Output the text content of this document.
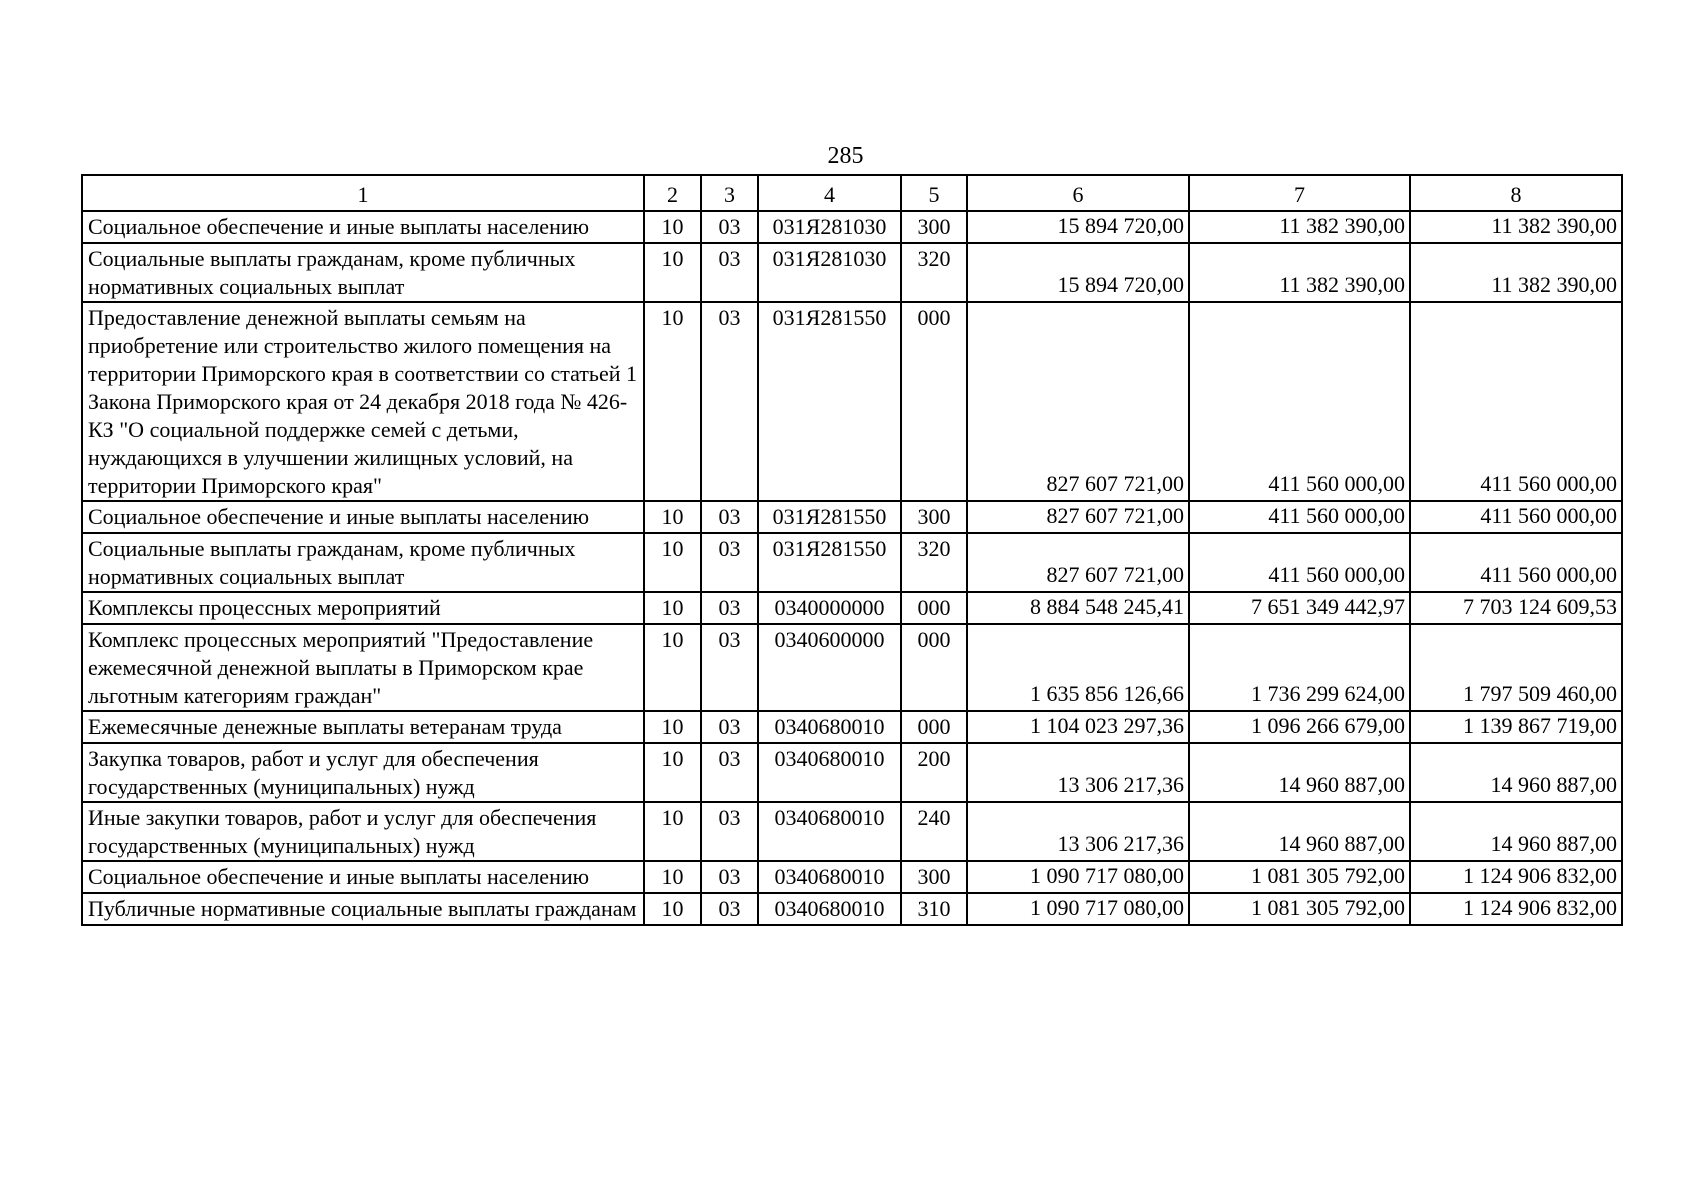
285
1	2	3	4	5	6	7	8
Социальное обеспечение и иные выплаты населению	10	03	031Я281030	300	15 894 720,00	11 382 390,00	11 382 390,00
Социальные выплаты гражданам, кроме публичных нормативных социальных выплат	10	03	031Я281030	320	15 894 720,00	11 382 390,00	11 382 390,00
Предоставление денежной выплаты семьям на приобретение или строительство жилого помещения на территории Приморского края в соответствии со статьей 1 Закона Приморского края от 24 декабря 2018 года № 426-КЗ "О социальной поддержке семей с детьми, нуждающихся в улучшении жилищных условий, на территории Приморского края"	10	03	031Я281550	000	827 607 721,00	411 560 000,00	411 560 000,00
Социальное обеспечение и иные выплаты населению	10	03	031Я281550	300	827 607 721,00	411 560 000,00	411 560 000,00
Социальные выплаты гражданам, кроме публичных нормативных социальных выплат	10	03	031Я281550	320	827 607 721,00	411 560 000,00	411 560 000,00
Комплексы процессных мероприятий	10	03	0340000000	000	8 884 548 245,41	7 651 349 442,97	7 703 124 609,53
Комплекс процессных мероприятий "Предоставление ежемесячной денежной выплаты в Приморском крае льготным категориям граждан"	10	03	0340600000	000	1 635 856 126,66	1 736 299 624,00	1 797 509 460,00
Ежемесячные денежные выплаты ветеранам труда	10	03	0340680010	000	1 104 023 297,36	1 096 266 679,00	1 139 867 719,00
Закупка товаров, работ и услуг для обеспечения государственных (муниципальных) нужд	10	03	0340680010	200	13 306 217,36	14 960 887,00	14 960 887,00
Иные закупки товаров, работ и услуг для обеспечения государственных (муниципальных) нужд	10	03	0340680010	240	13 306 217,36	14 960 887,00	14 960 887,00
Социальное обеспечение и иные выплаты населению	10	03	0340680010	300	1 090 717 080,00	1 081 305 792,00	1 124 906 832,00
Публичные нормативные социальные выплаты гражданам	10	03	0340680010	310	1 090 717 080,00	1 081 305 792,00	1 124 906 832,00
